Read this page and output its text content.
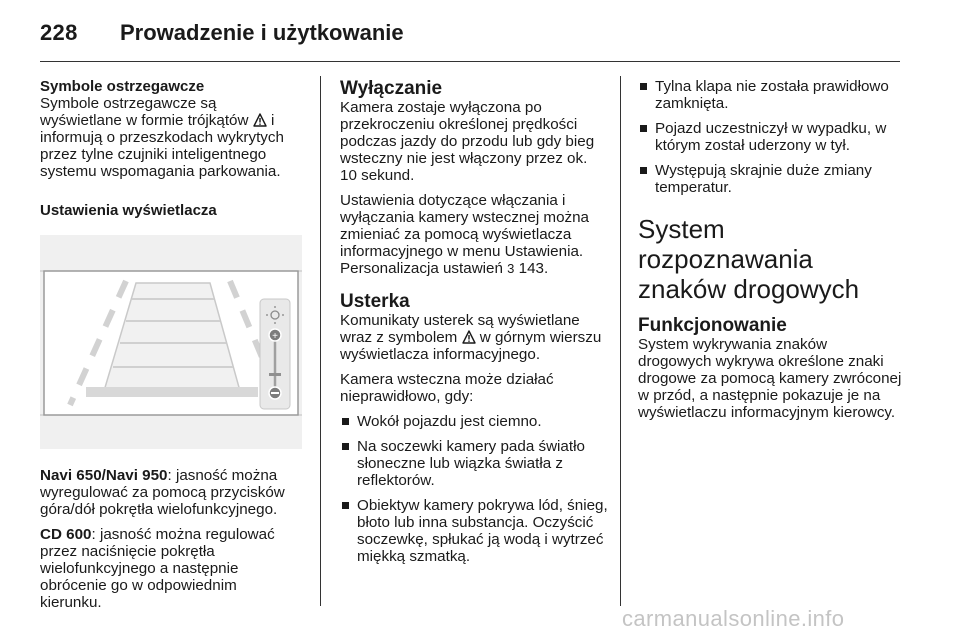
228 Prowadzenie i użytkowanie
Symbole ostrzegawcze

Symbole ostrzegawcze są wyświetlane w formie trójkątów i informują o przeszkodach wykrytych przez tylne czujniki inteligentnego systemu wspomagania parkowania.

Ustawienia wyświetlacza
+

Navi 650/Navi 950: jasność można wyregulować za pomocą przycisków góra/dół pokrętła wielofunkcyjnego.

CD 600: jasność można regulować przez naciśnięcie pokrętła wielofunkcyjnego a następnie obrócenie go w odpowiednim kierunku.

Wyłączanie

Kamera zostaje wyłączona po przekroczeniu określonej prędkości podczas jazdy do przodu lub gdy bieg wsteczny nie jest włączony przez ok. 10 sekund.

Ustawienia dotyczące włączania i wyłączania kamery wstecznej można zmieniać za pomocą wyświetlacza informacyjnego w menu Ustawienia. Personalizacja ustawień 3 143.

Usterka

Komunikaty usterek są wyświetlane wraz z symbolem w górnym wierszu wyświetlacza informacyjnego.

Kamera wsteczna może działać nieprawidłowo, gdy:

Wokół pojazdu jest ciemno.
Na soczewki kamery pada światło słoneczne lub wiązka światła z reflektorów.
Obiektyw kamery pokrywa lód, śnieg, błoto lub inna substancja. Oczyścić soczewkę, spłukać ją wodą i wytrzeć miękką szmatką.
Tylna klapa nie została prawidłowo zamknięta.
Pojazd uczestniczył w wypadku, w którym został uderzony w tył.
Występują skrajnie duże zmiany temperatur.
System rozpoznawania znaków drogowych
Funkcjonowanie

System wykrywania znaków drogowych wykrywa określone znaki drogowe za pomocą kamery zwróconej w przód, a następnie pokazuje je na wyświetlaczu informacyjnym kierowcy.

carmanualsonline.info
